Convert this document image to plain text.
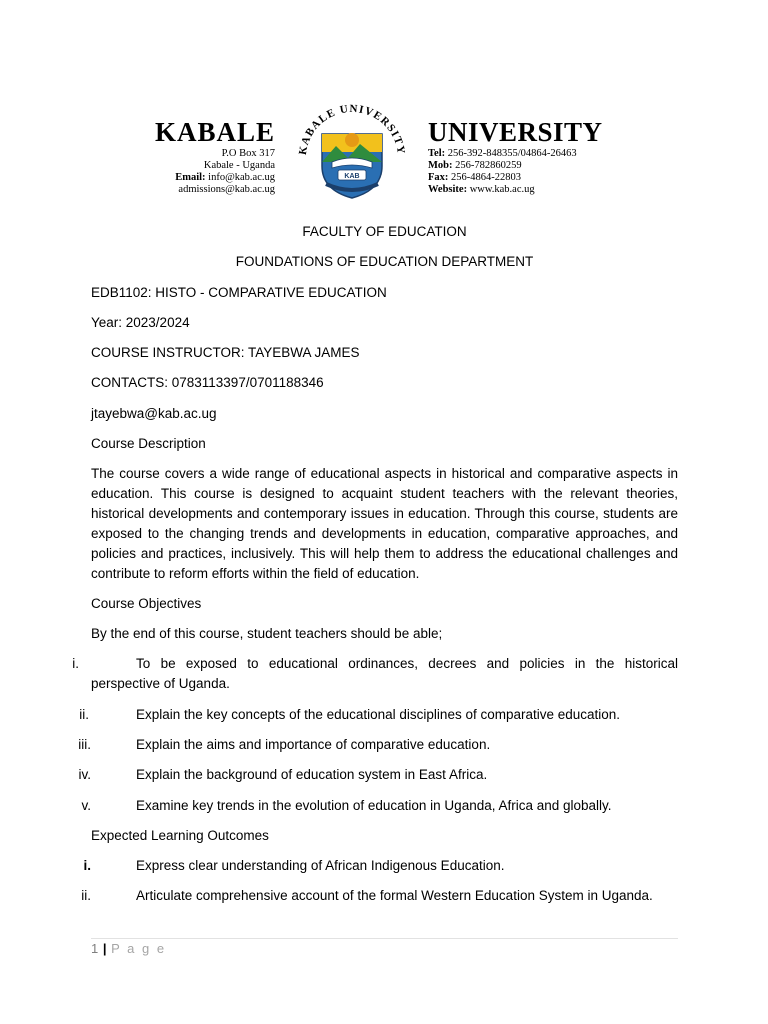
KABALE
P.O Box 317
Kabale - Uganda
Email: info@kab.ac.ug
admissions@kab.ac.ug
KABALE UNIVERSITY
KAB
UNIVERSITY
Tel: 256-392-848355/04864-26463
Mob: 256-782860259
Fax: 256-4864-22803
Website: www.kab.ac.ug
FACULTY OF EDUCATION
FOUNDATIONS OF EDUCATION DEPARTMENT
EDB1102: HISTO - COMPARATIVE EDUCATION
Year: 2023/2024
COURSE INSTRUCTOR: TAYEBWA JAMES
CONTACTS: 0783113397/0701188346
jtayebwa@kab.ac.ug
Course Description

The course covers a wide range of educational aspects in historical and comparative aspects in education. This course is designed to acquaint student teachers with the relevant theories, historical developments and contemporary issues in education. Through this course, students are exposed to the changing trends and developments in education, comparative approaches, and policies and practices, inclusively. This will help them to address the educational challenges and contribute to reform efforts within the field of education.

Course Objectives
By the end of this course, student teachers should be able;
i.	To be exposed to educational ordinances, decrees and policies in the historical
perspective of Uganda.
ii.	Explain the key concepts of the educational disciplines of comparative education.
iii.	Explain the aims and importance of comparative education.
iv.	Explain the background of education system in East Africa.
v.	Examine key trends in the evolution of education in Uganda, Africa and globally.
Expected Learning Outcomes
i.	Express clear understanding of African Indigenous Education.
ii.	Articulate comprehensive account of the formal Western Education System in Uganda.
1 | P a g e
